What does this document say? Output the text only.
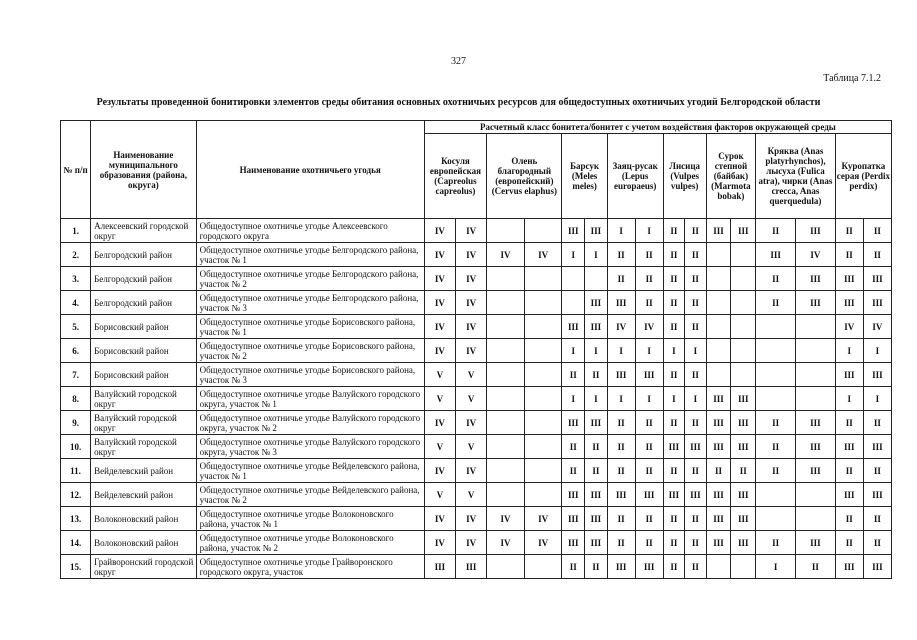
327
Таблица 7.1.2
Результаты проведенной бонитировки элементов среды обитания основных охотничьих ресурсов для общедоступных охотничьих угодий Белгородской области
№ п/п	Наименование муниципального образования (района, округа)	Наименование охотничьего угодья	Расчетный класс бонитета/бонитет с учетом воздействия факторов окружающей среды															
			Косуля европейская (Capreolus capreolus)		Олень благородный (европейский) (Cervus elaphus)		Барсук (Meles meles)		Заяц-русак (Lepus europaeus)		Лисица (Vulpes vulpes)		Сурок степной (байбак) (Marmota bobak)		Кряква (Anas platyrhynchos), лысуха (Fulica atra), чирки (Anas crecca, Anas querquedula)		Куропатка серая (Perdix perdix)	
1.	Алексеевский городской округ	Общедоступное охотничье угодье Алексеевского городского округа	IV	IV			III	III	I	I	II	II	III	III	II	III	II	II
2.	Белгородский район	Общедоступное охотничье угодье Белгородского района, участок № 1	IV	IV	IV	IV	I	I	II	II	II	II			III	IV	II	II
3.	Белгородский район	Общедоступное охотничье угодье Белгородского района, участок № 2	IV	IV					II	II	II	II			II	III	III	III
4.	Белгородский район	Общедоступное охотничье угодье Белгородского района, участок № 3	IV	IV				III	III	II	II	II			II	III	III	III
5.	Борисовский район	Общедоступное охотничье угодье Борисовского района, участок № 1	IV	IV			III	III	IV	IV	II	II					IV	IV
6.	Борисовский район	Общедоступное охотничье угодье Борисовского района, участок № 2	IV	IV			I	I	I	I	I	I					I	I
7.	Борисовский район	Общедоступное охотничье угодье Борисовского района, участок № 3	V	V			II	II	III	III	II	II					III	III
8.	Валуйский городской округ	Общедоступное охотничье угодье Валуйского городского округа, участок № 1	V	V			I	I	I	I	I	I	III	III			I	I
9.	Валуйский городской округ	Общедоступное охотничье угодье Валуйского городского округа, участок № 2	IV	IV			III	III	II	II	II	II	III	III	II	III	II	II
10.	Валуйский городской округ	Общедоступное охотничье угодье Валуйского городского округа, участок № 3	V	V			II	II	II	II	III	III	III	III	II	III	III	III
11.	Вейделевский район	Общедоступное охотничье угодье Вейделевского района, участок № 1	IV	IV			II	II	II	II	II	II	II	II	II	III	II	II
12.	Вейделевский район	Общедоступное охотничье угодье Вейделевского района, участок № 2	V	V			III	III	III	III	III	III	III	III			III	III
13.	Волоконовский район	Общедоступное охотничье угодье Волоконовского района, участок № 1	IV	IV	IV	IV	III	III	II	II	II	II	III	III			II	II
14.	Волоконовский район	Общедоступное охотничье угодье Волоконовского района, участок № 2	IV	IV	IV	IV	III	III	II	II	II	II	III	III	II	III	II	II
15.	Грайворонский городской округ	Общедоступное охотничье угодье Грайворонского городского округа, участок	III	III			II	II	III	III	II	II			I	II	III	III
